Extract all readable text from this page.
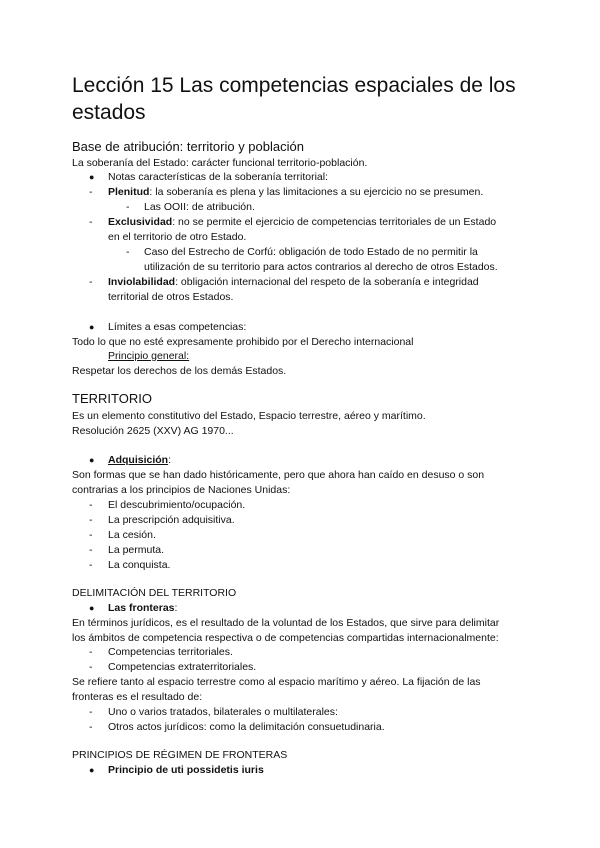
Lección 15 Las competencias espaciales de los
estados
Base de atribución: territorio y población
La soberanía del Estado: carácter funcional territorio-población.
● Notas características de la soberanía territorial:
- Plenitud: la soberanía es plena y las limitaciones a su ejercicio no se presumen.
- Las OOII: de atribución.
- Exclusividad: no se permite el ejercicio de competencias territoriales de un Estado
en el territorio de otro Estado.
- Caso del Estrecho de Corfú: obligación de todo Estado de no permitir la
utilización de su territorio para actos contrarios al derecho de otros Estados.
- Inviolabilidad: obligación internacional del respeto de la soberanía e integridad
territorial de otros Estados.
● Límites a esas competencias:
Todo lo que no esté expresamente prohibido por el Derecho internacional
Principio general:
Respetar los derechos de los demás Estados.
TERRITORIO
Es un elemento constitutivo del Estado, Espacio terrestre, aéreo y marítimo.
Resolución 2625 (XXV) AG 1970...
● Adquisición:
Son formas que se han dado históricamente, pero que ahora han caído en desuso o son
contrarias a los principios de Naciones Unidas:
- El descubrimiento/ocupación.
- La prescripción adquisitiva.
- La cesión.
- La permuta.
- La conquista.
DELIMITACIÓN DEL TERRITORIO
● Las fronteras:
En términos jurídicos, es el resultado de la voluntad de los Estados, que sirve para delimitar
los ámbitos de competencia respectiva o de competencias compartidas internacionalmente:
- Competencias territoriales.
- Competencias extraterritoriales.
Se refiere tanto al espacio terrestre como al espacio marítimo y aéreo. La fijación de las
fronteras es el resultado de:
- Uno o varios tratados, bilaterales o multilaterales:
- Otros actos jurídicos: como la delimitación consuetudinaria.
PRINCIPIOS DE RÉGIMEN DE FRONTERAS
● Principio de uti possidetis iuris
